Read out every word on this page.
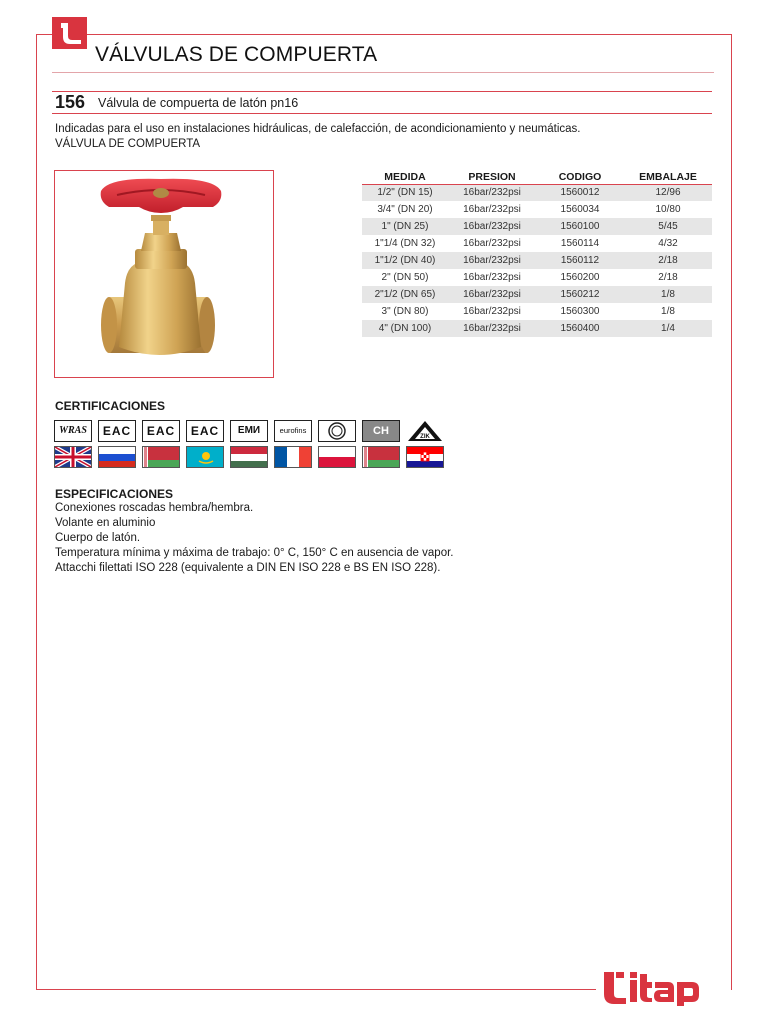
VÁLVULAS DE COMPUERTA
156 Válvula de compuerta de latón pn16

Indicadas para el uso en instalaciones hidráulicas, de calefacción, de acondicionamiento y neumáticas.

VÁLVULA DE COMPUERTA

MEDIDA	PRESION	CODIGO	EMBALAJE
1/2" (DN 15)	16bar/232psi	1560012	12/96
3/4" (DN 20)	16bar/232psi	1560034	10/80
1" (DN 25)	16bar/232psi	1560100	5/45
1"1/4 (DN 32)	16bar/232psi	1560114	4/32
1"1/2 (DN 40)	16bar/232psi	1560112	2/18
2" (DN 50)	16bar/232psi	1560200	2/18
2"1/2 (DN 65)	16bar/232psi	1560212	1/8
3" (DN 80)	16bar/232psi	1560300	1/8
4" (DN 100)	16bar/232psi	1560400	1/4
CERTIFICACIONES
WRAS	EAC	EAC	EAC	ЕМИ	eurofins	CH	ZIK
ESPECIFICACIONES

Conexiones roscadas hembra/hembra.

Volante en aluminio

Cuerpo de latón.

Temperatura mínima y máxima de trabajo: 0° C, 150° C en ausencia de vapor.

Attacchi filettati ISO 228 (equivalente a DIN EN ISO 228 e BS EN ISO 228).
